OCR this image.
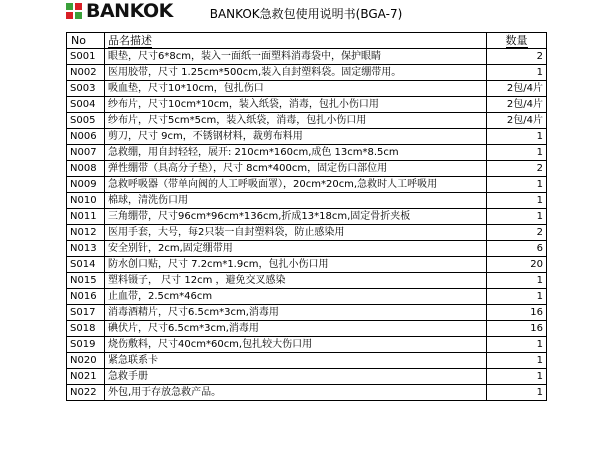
BANKOK	BANKOK急救包使用说明书(BGA-7)
No	品名描述	数量
S001	眼垫，尺寸6*8cm，装入一面纸一面塑料消毒袋中，保护眼睛	2
N002	医用胶带，尺寸 1.25cm*500cm,装入自封塑料袋。固定绷带用。	1
S003	吸血垫，尺寸10*10cm，包扎伤口	2包/4片
S004	纱布片，尺寸10cm*10cm，装入纸袋，消毒，包扎小伤口用	2包/4片
S005	纱布片，尺寸5cm*5cm，装入纸袋，消毒，包扎小伤口用	2包/4片
N006	剪刀，尺寸 9cm，不锈钢材料，裁剪布料用	1
N007	急救绷，用自封轻轻，展开: 210cm*160cm,成色 13cm*8.5cm	1
N008	弹性绷带（具高分子垫），尺寸 8cm*400cm，固定伤口部位用	2
N009	急救呼吸器（带单向阀的人工呼吸面罩），20cm*20cm,急救时人工呼吸用	1
N010	棉球，清洗伤口用	1
N011	三角绷带，尺寸96cm*96cm*136cm,折成13*18cm,固定骨折夹板	1
N012	医用手套，大号，每2只装一自封塑料袋，防止感染用	2
N013	安全别针，2cm,固定绷带用	6
S014	防水创口贴，尺寸 7.2cm*1.9cm，包扎小伤口用	20
N015	塑料镊子， 尺寸 12cm ，避免交叉感染	1
N016	止血带，2.5cm*46cm	1
S017	消毒酒精片，尺寸6.5cm*3cm,消毒用	16
S018	碘伏片，尺寸6.5cm*3cm,消毒用	16
S019	烧伤敷料，尺寸40cm*60cm,包扎较大伤口用	1
N020	紧急联系卡	1
N021	急救手册	1
N022	外包,用于存放急救产品。	1
